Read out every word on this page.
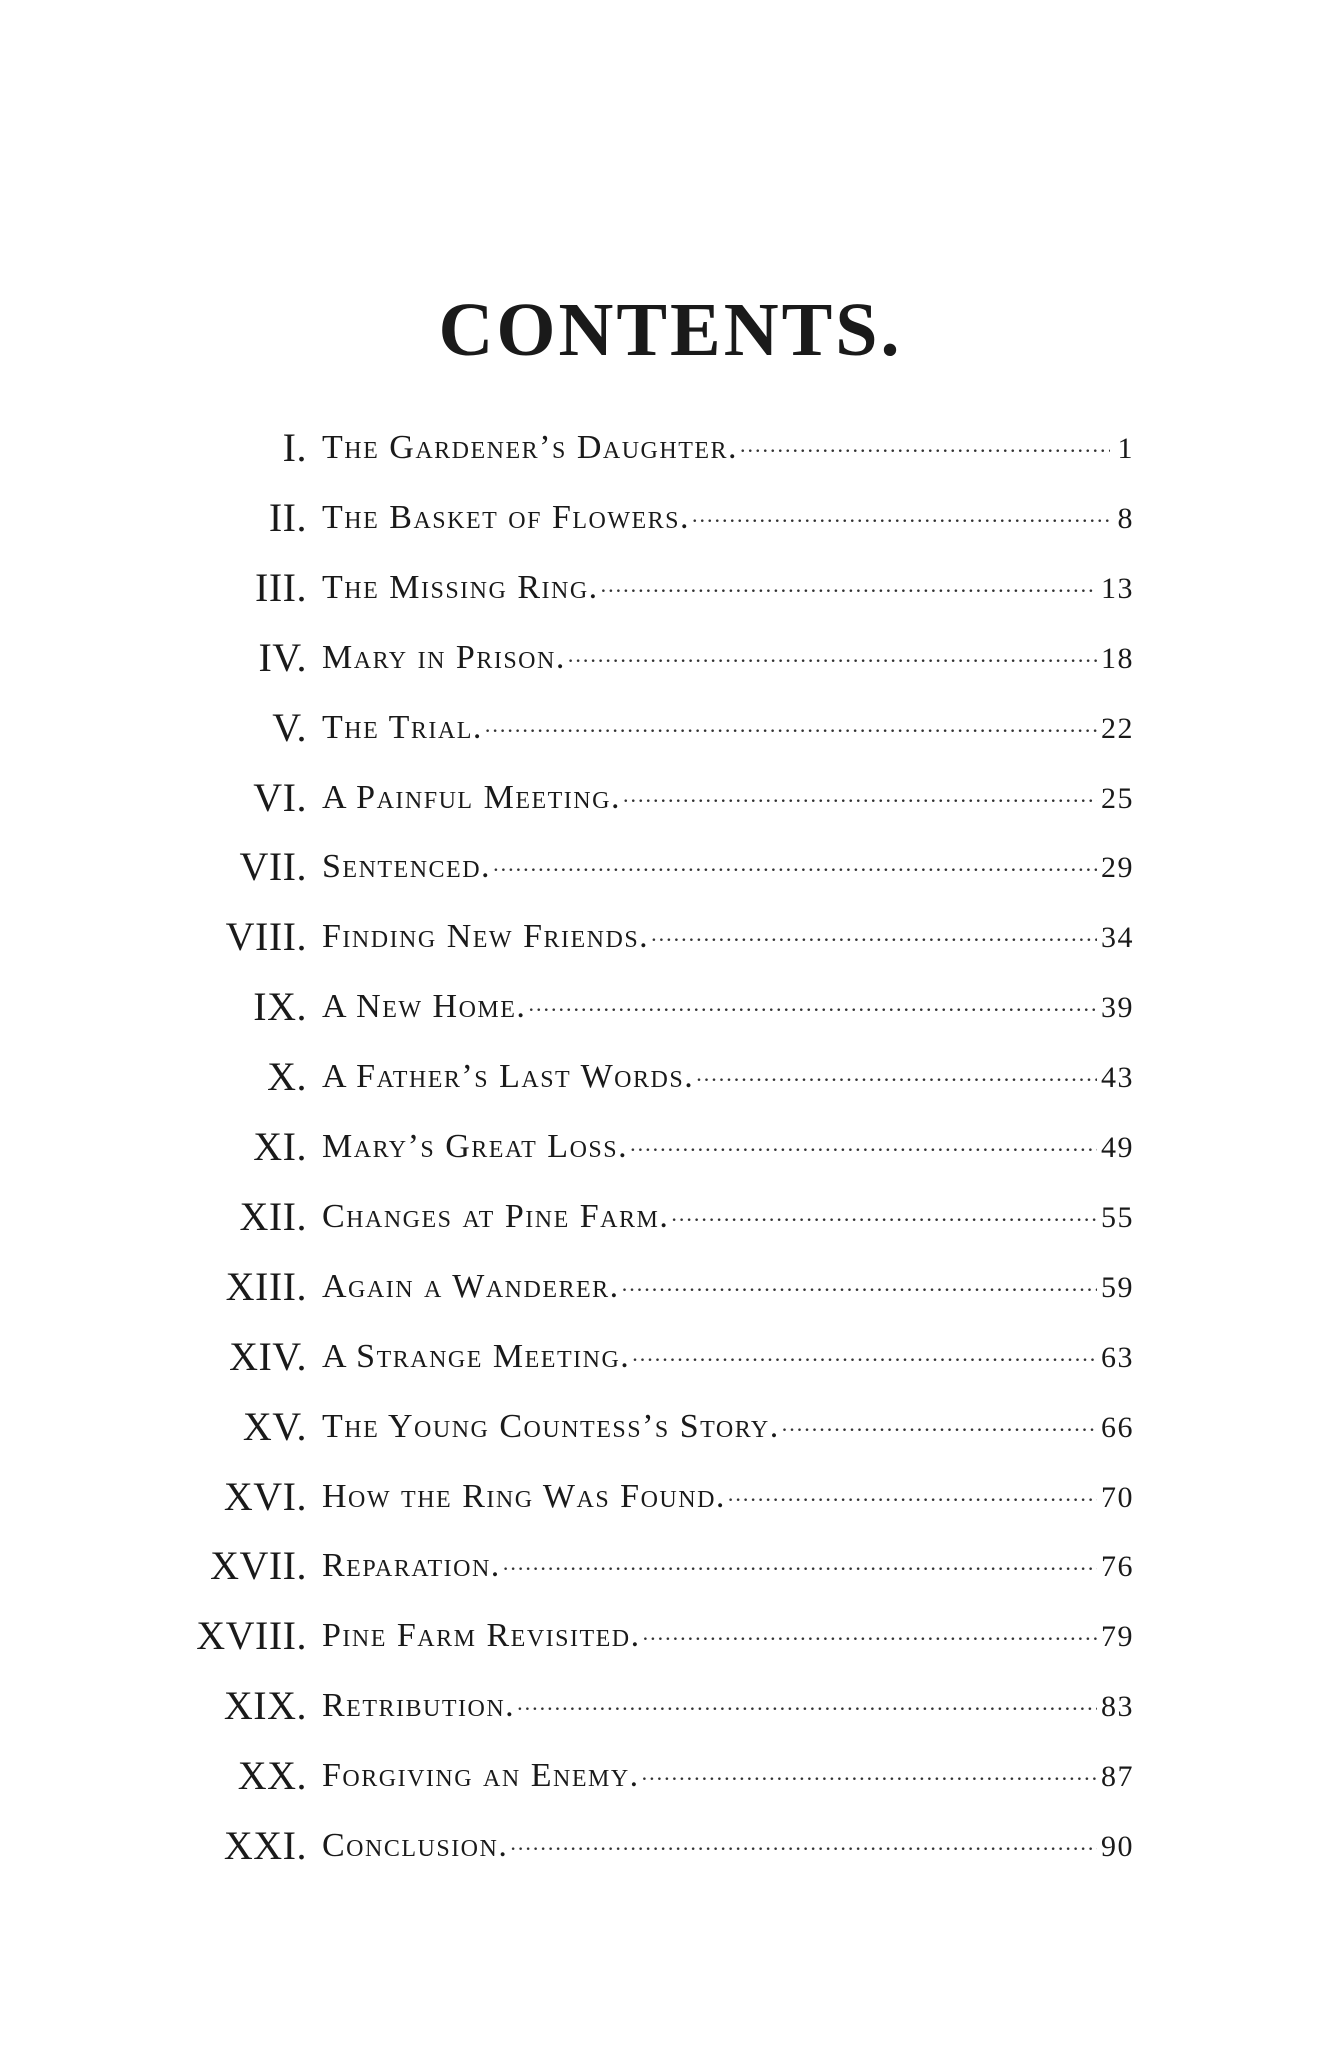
CONTENTS.
I. The Gardener’s Daughter. .....	1
II. The Basket of Flowers. .....	8
III. The Missing Ring. .....	13
IV. Mary in Prison. .....	18
V. The Trial. .....	22
VI. A Painful Meeting. .....	25
VII. Sentenced. .....	29
VIII. Finding New Friends. .....	34
IX. A New Home. .....	39
X. A Father’s Last Words. .....	43
XI. Mary’s Great Loss. .....	49
XII. Changes at Pine Farm. .....	55
XIII. Again a Wanderer. .....	59
XIV. A Strange Meeting. .....	63
XV. The Young Countess’s Story. .....	66
XVI. How the Ring Was Found. .....	70
XVII. Reparation. .....	76
XVIII. Pine Farm Revisited. .....	79
XIX. Retribution. .....	83
XX. Forgiving an Enemy. .....	87
XXI. Conclusion. .....	90
